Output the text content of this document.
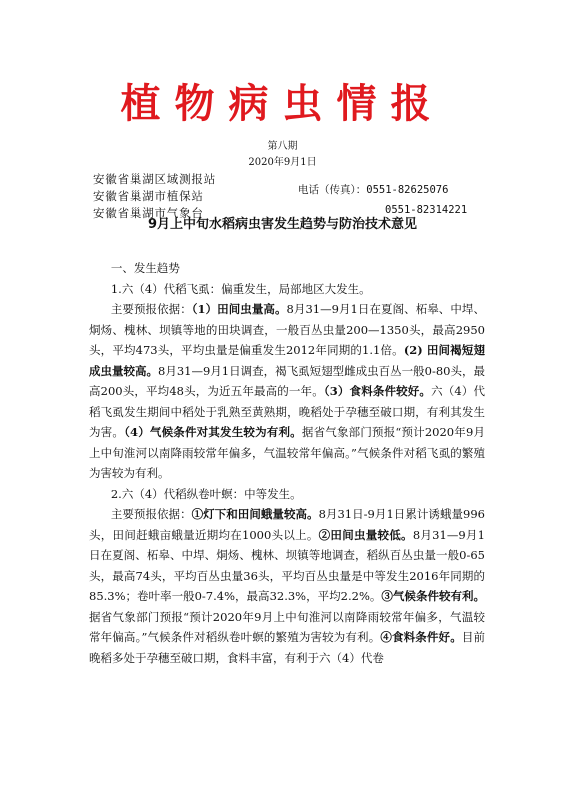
植物病虫情报
第八期
2020年9月1日
安徽省巢湖区域测报站
安徽省巢湖市植保站
安徽省巢湖市气象台
电话（传真）：0551-82625076
0551-82314221
9月上中旬水稻病虫害发生趋势与防治技术意见

一、发生趋势

1.六（4）代稻飞虱：偏重发生，局部地区大发生。

主要预报依据：（1）田间虫量高。8月31—9月1日在夏阁、柘皋、中垾、烔炀、槐林、坝镇等地的田块调查，一般百丛虫量200—1350头，最高2950头，平均473头，平均虫量是偏重发生2012年同期的1.1倍。(2) 田间褐短翅成虫量较高。8月31—9月1日调查，褐飞虱短翅型雌成虫百丛一般0-80头，最高200头，平均48头，为近五年最高的一年。（3）食料条件较好。六（4）代稻飞虱发生期间中稻处于乳熟至黄熟期，晚稻处于孕穗至破口期，有利其发生为害。（4）气候条件对其发生较为有利。据省气象部门预报“预计2020年9月上中旬淮河以南降雨较常年偏多，气温较常年偏高。”气候条件对稻飞虱的繁殖为害较为有利。

2.六（4）代稻纵卷叶螟：中等发生。

主要预报依据：①灯下和田间蛾量较高。8月31日-9月1日累计诱蛾量996头，田间赶蛾亩蛾量近期均在1000头以上。②田间虫量较低。8月31—9月1日在夏阁、柘皋、中垾、烔炀、槐林、坝镇等地调查，稻纵百丛虫量一般0-65头，最高74头，平均百丛虫量36头，平均百丛虫量是中等发生2016年同期的85.3%；卷叶率一般0-7.4%，最高32.3%，平均2.2%。③气候条件较有利。据省气象部门预报“预计2020年9月上中旬淮河以南降雨较常年偏多，气温较常年偏高。”气候条件对稻纵卷叶螟的繁殖为害较为有利。④食料条件好。目前晚稻多处于孕穗至破口期，食料丰富，有利于六（4）代卷
